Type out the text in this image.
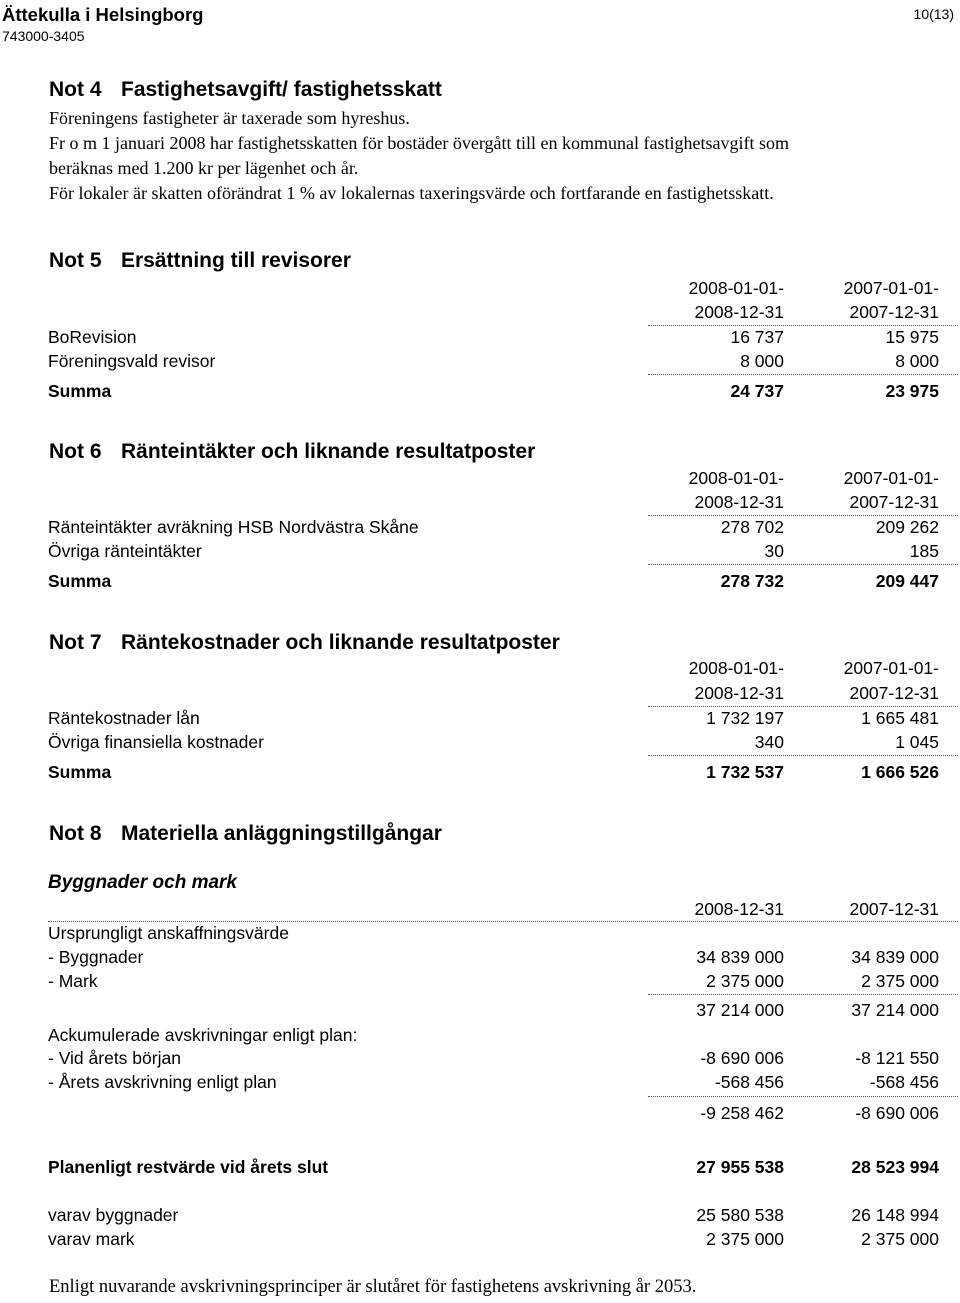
Ättekulla i Helsingborg
743000-3405
10(13)
Not 4 Fastighetsavgift/ fastighetsskatt
Föreningens fastigheter är taxerade som hyreshus.
Fr o m 1 januari 2008 har fastighetsskatten för bostäder övergått till en kommunal fastighetsavgift som
beräknas med 1.200 kr per lägenhet och år.
För lokaler är skatten oförändrat 1 % av lokalernas taxeringsvärde och fortfarande en fastighetsskatt.
Not 5 Ersättning till revisorer
2008-01-01-	2007-01-01-
2008-12-31	2007-12-31
BoRevision	16 737	15 975
Föreningsvald revisor	8 000	8 000
Summa	24 737	23 975
Not 6 Ränteintäkter och liknande resultatposter
2008-01-01-	2007-01-01-
2008-12-31	2007-12-31
Ränteintäkter avräkning HSB Nordvästra Skåne	278 702	209 262
Övriga ränteintäkter	30	185
Summa	278 732	209 447
Not 7 Räntekostnader och liknande resultatposter
2008-01-01-	2007-01-01-
2008-12-31	2007-12-31
Räntekostnader lån	1 732 197	1 665 481
Övriga finansiella kostnader	340	1 045
Summa	1 732 537	1 666 526
Not 8 Materiella anläggningstillgångar
Byggnader och mark
2008-12-31	2007-12-31
Ursprungligt anskaffningsvärde
- Byggnader	34 839 000	34 839 000
- Mark	2 375 000	2 375 000
37 214 000	37 214 000
Ackumulerade avskrivningar enligt plan:
- Vid årets början	-8 690 006	-8 121 550
- Årets avskrivning enligt plan	-568 456	-568 456
-9 258 462	-8 690 006
Planenligt restvärde vid årets slut	27 955 538	28 523 994
varav byggnader	25 580 538	26 148 994
varav mark	2 375 000	2 375 000
Enligt nuvarande avskrivningsprinciper är slutåret för fastighetens avskrivning år 2053.
